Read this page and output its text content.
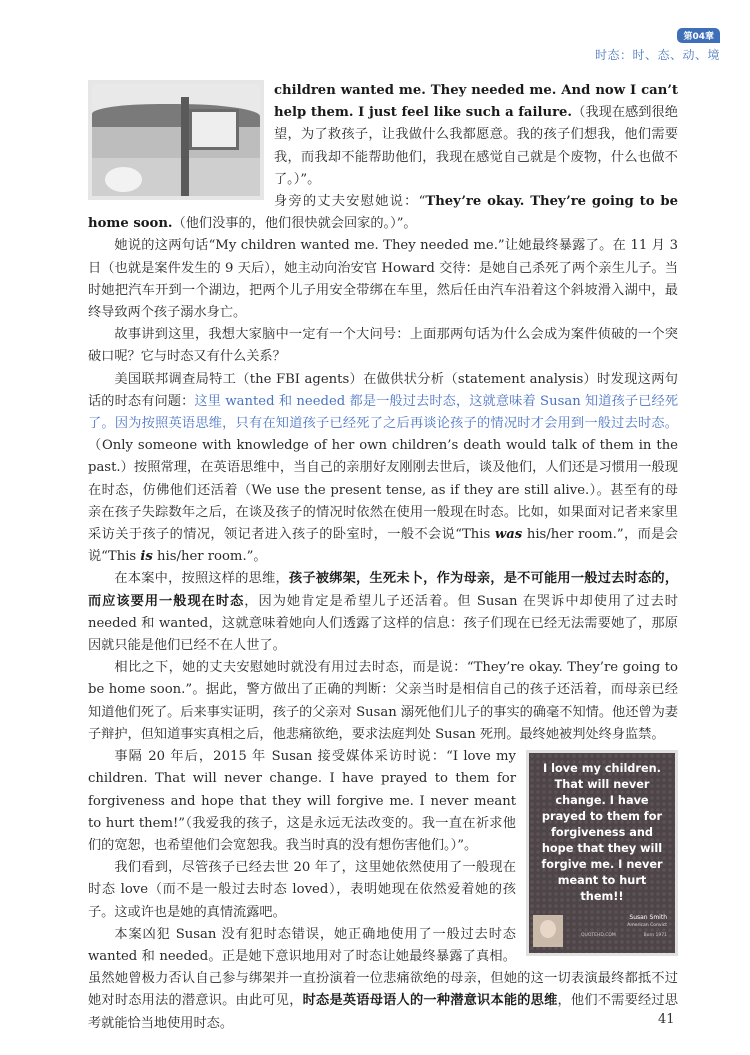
第04章
时态：时、态、动、境

children wanted me. They needed me. And now I can’t help them. I just feel like such a failure.（我现在感到很绝望，为了救孩子，让我做什么我都愿意。我的孩子们想我，他们需要我，而我却不能帮助他们，我现在感觉自己就是个废物，什么也做不了。）”。

身旁的丈夫安慰她说：“They’re okay. They’re going to be home soon.（他们没事的，他们很快就会回家的。）”。

她说的这两句话“My children wanted me. They needed me.”让她最终暴露了。在 11 月 3 日（也就是案件发生的 9 天后），她主动向治安官 Howard 交待：是她自己杀死了两个亲生儿子。当时她把汽车开到一个湖边，把两个儿子用安全带绑在车里，然后任由汽车沿着这个斜坡滑入湖中，最终导致两个孩子溺水身亡。

故事讲到这里，我想大家脑中一定有一个大问号：上面那两句话为什么会成为案件侦破的一个突破口呢？它与时态又有什么关系？

美国联邦调查局特工（the FBI agents）在做供状分析（statement analysis）时发现这两句话的时态有问题：这里 wanted 和 needed 都是一般过去时态，这就意味着 Susan 知道孩子已经死了。因为按照英语思维，只有在知道孩子已经死了之后再谈论孩子的情况时才会用到一般过去时态。（Only someone with knowledge of her own children’s death would talk of them in the past.）按照常理，在英语思维中，当自己的亲朋好友刚刚去世后，谈及他们，人们还是习惯用一般现在时态，仿佛他们还活着（We use the present tense, as if they are still alive.）。甚至有的母亲在孩子失踪数年之后，在谈及孩子的情况时依然在使用一般现在时态。比如，如果面对记者来家里采访关于孩子的情况，领记者进入孩子的卧室时，一般不会说“This was his/her room.”，而是会说“This is his/her room.”。

在本案中，按照这样的思维，孩子被绑架，生死未卜，作为母亲，是不可能用一般过去时态的，而应该要用一般现在时态，因为她肯定是希望儿子还活着。但 Susan 在哭诉中却使用了过去时 needed 和 wanted，这就意味着她向人们透露了这样的信息：孩子们现在已经无法需要她了，那原因就只能是他们已经不在人世了。

相比之下，她的丈夫安慰她时就没有用过去时态，而是说：“They’re okay. They’re going to be home soon.”。据此，警方做出了正确的判断：父亲当时是相信自己的孩子还活着，而母亲已经知道他们死了。后来事实证明，孩子的父亲对 Susan 溺死他们儿子的事实的确毫不知情。他还曾为妻子辩护，但知道事实真相之后，他悲痛欲绝，要求法庭判处 Susan 死刑。最终她被判处终身监禁。

I love my children. That will never change. I have prayed to them for forgiveness and hope that they will forgive me. I never meant to hurt them!!
Susan Smith
American Convict
QUOTEHD.COM	Born 1971

事隔 20 年后，2015 年 Susan 接受媒体采访时说：“I love my children. That will never change. I have prayed to them for forgiveness and hope that they will forgive me. I never meant to hurt them!”（我爱我的孩子，这是永远无法改变的。我一直在祈求他们的宽恕，也希望他们会宽恕我。我当时真的没有想伤害他们。）”。

我们看到，尽管孩子已经去世 20 年了，这里她依然使用了一般现在时态 love（而不是一般过去时态 loved），表明她现在依然爱着她的孩子。这或许也是她的真情流露吧。

本案凶犯 Susan 没有犯时态错误，她正确地使用了一般过去时态 wanted 和 needed。正是她下意识地用对了时态让她最终暴露了真相。虽然她曾极力否认自己参与绑架并一直扮演着一位悲痛欲绝的母亲，但她的这一切表演最终都抵不过她对时态用法的潜意识。由此可见，时态是英语母语人的一种潜意识本能的思维，他们不需要经过思考就能恰当地使用时态。	41
